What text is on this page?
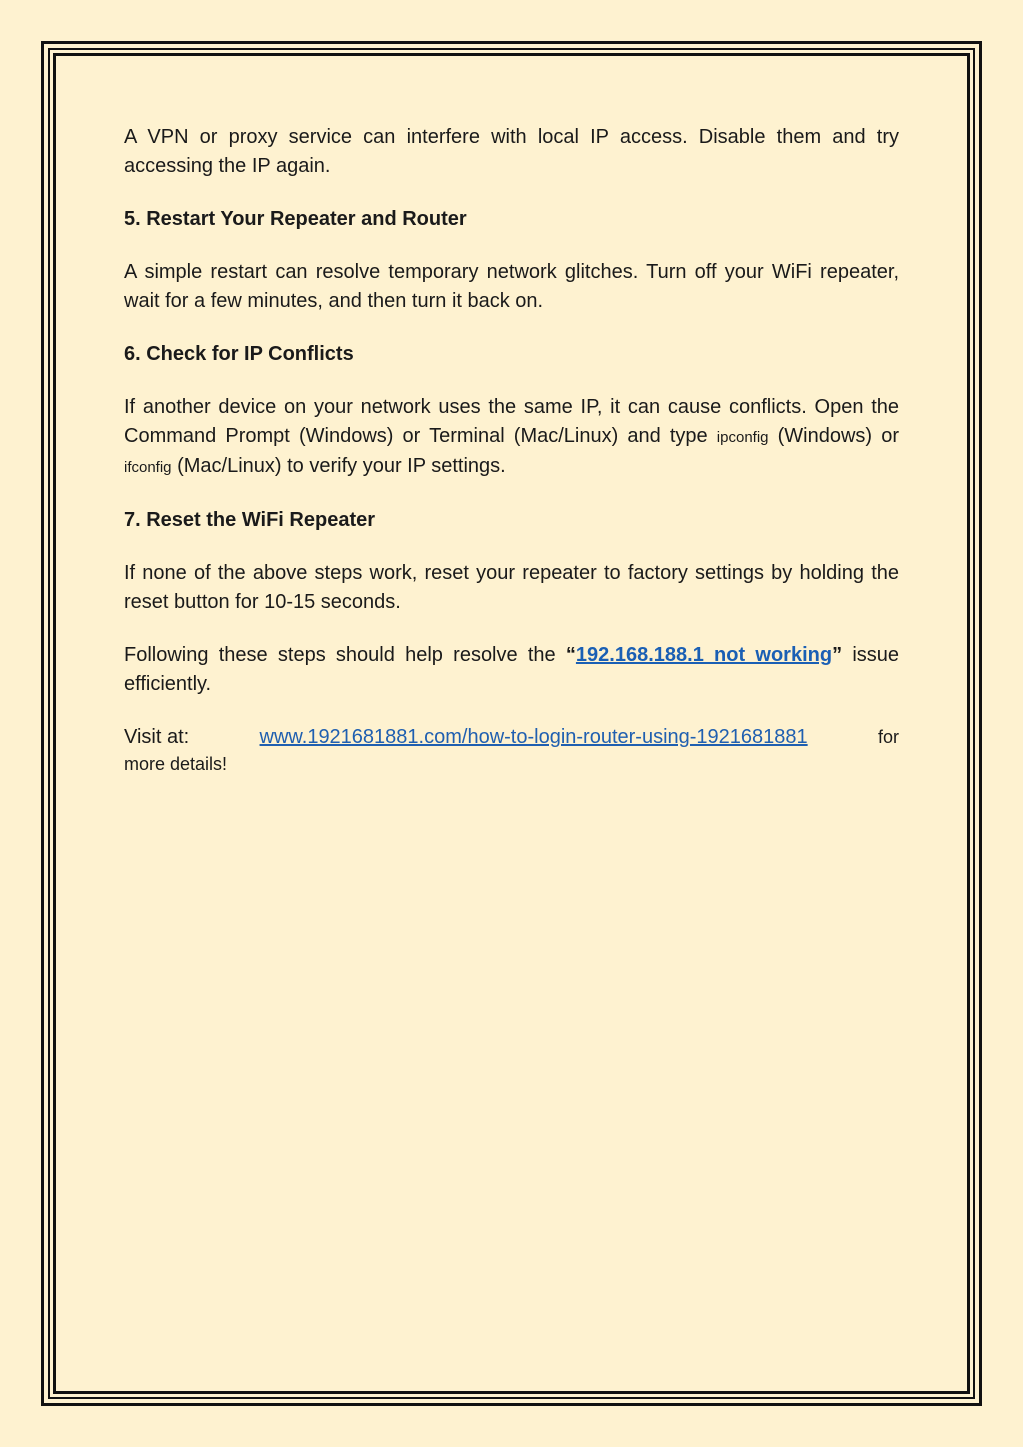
A VPN or proxy service can interfere with local IP access. Disable them and try accessing the IP again.

5. Restart Your Repeater and Router

A simple restart can resolve temporary network glitches. Turn off your WiFi repeater, wait for a few minutes, and then turn it back on.

6. Check for IP Conflicts

If another device on your network uses the same IP, it can cause conflicts. Open the Command Prompt (Windows) or Terminal (Mac/Linux) and type ipconfig (Windows) or ifconfig (Mac/Linux) to verify your IP settings.

7. Reset the WiFi Repeater

If none of the above steps work, reset your repeater to factory settings by holding the reset button for 10-15 seconds.

Following these steps should help resolve the “192.168.188.1 not working” issue efficiently.

Visit at:	www.1921681881.com/how-to-login-router-using-1921681881	for

more details!
